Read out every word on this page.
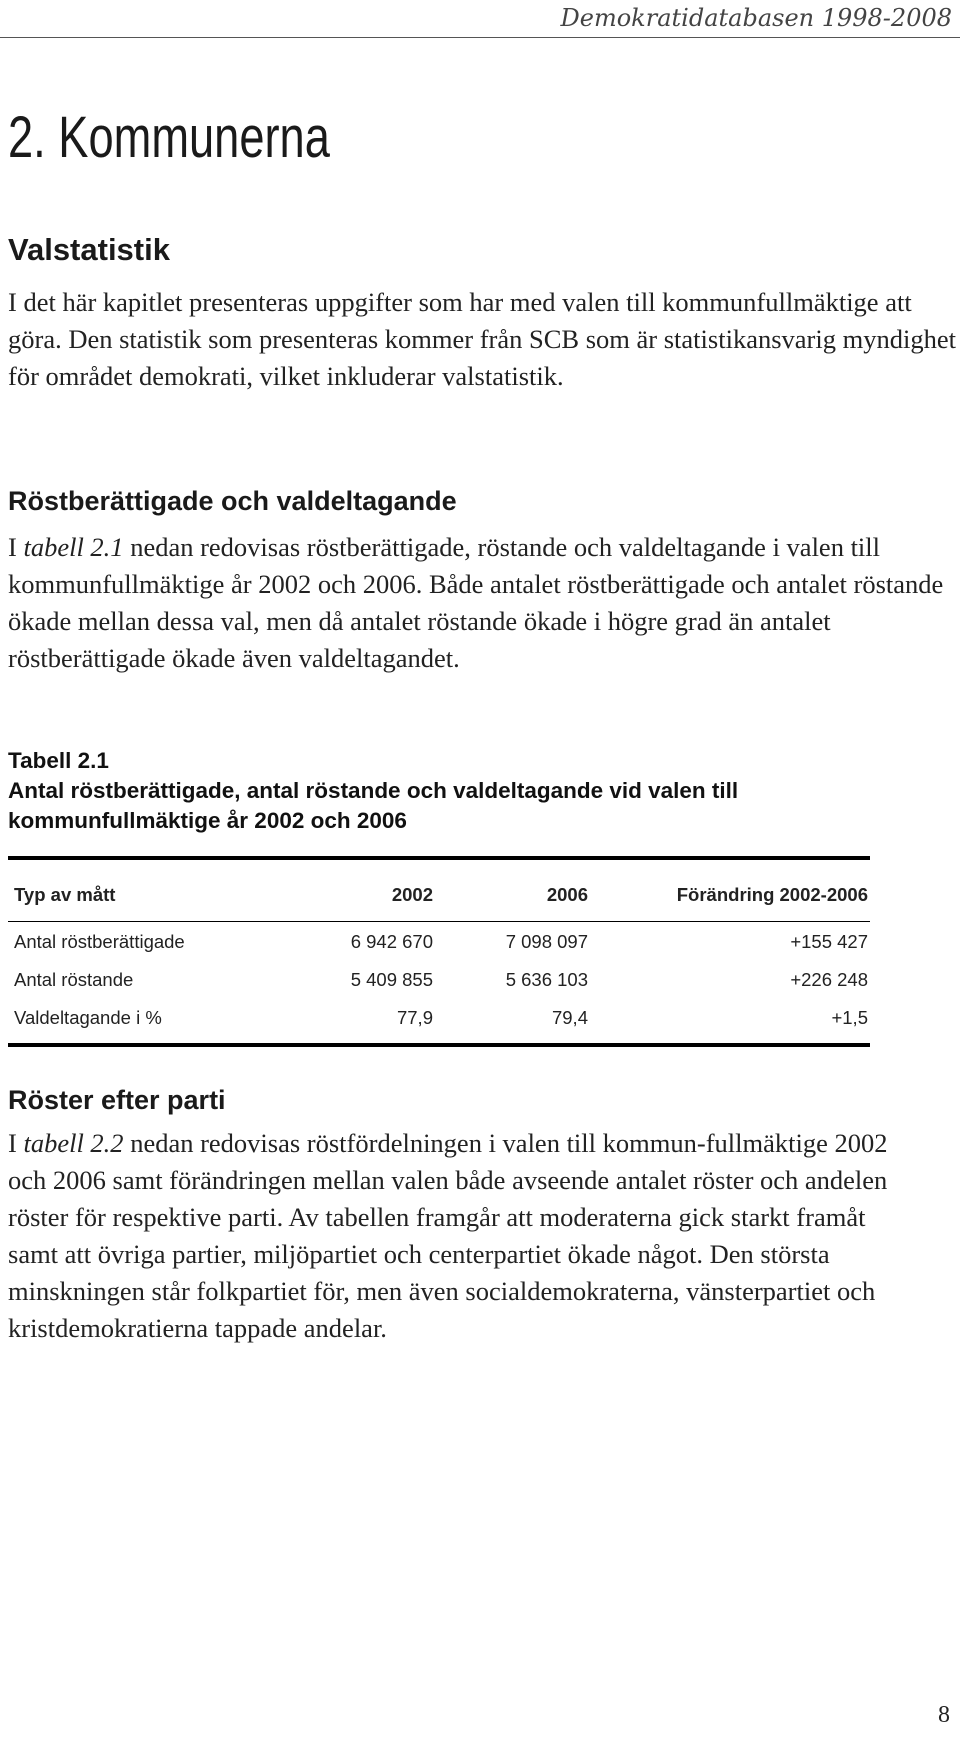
Demokratidatabasen 1998-2008
2. Kommunerna
Valstatistik

I det här kapitlet presenteras uppgifter som har med valen till kommunfullmäktige att göra. Den statistik som presenteras kommer från SCB som är statistikansvarig myndighet för området demokrati, vilket inkluderar valstatistik.

Röstberättigade och valdeltagande

I tabell 2.1 nedan redovisas röstberättigade, röstande och valdeltagande i valen till kommunfullmäktige år 2002 och 2006. Både antalet röstberättigade och antalet röstande ökade mellan dessa val, men då antalet röstande ökade i högre grad än antalet röstberättigade ökade även valdeltagandet.

Tabell 2.1
Antal röstberättigade, antal röstande och valdeltagande vid valen till kommunfullmäktige år 2002 och 2006
Typ av mått	2002	2006	Förändring 2002-2006
Antal röstberättigade	6 942 670	7 098 097	+155 427
Antal röstande	5 409 855	5 636 103	+226 248
Valdeltagande i %	77,9	79,4	+1,5
Röster efter parti

I tabell 2.2 nedan redovisas röstfördelningen i valen till kommun-fullmäktige 2002 och 2006 samt förändringen mellan valen både avseende antalet röster och andelen röster för respektive parti. Av tabellen framgår att moderaterna gick starkt framåt samt att övriga partier, miljöpartiet och centerpartiet ökade något. Den största minskningen står folkpartiet för, men även socialdemokraterna, vänsterpartiet och kristdemokratierna tappade andelar.

8
